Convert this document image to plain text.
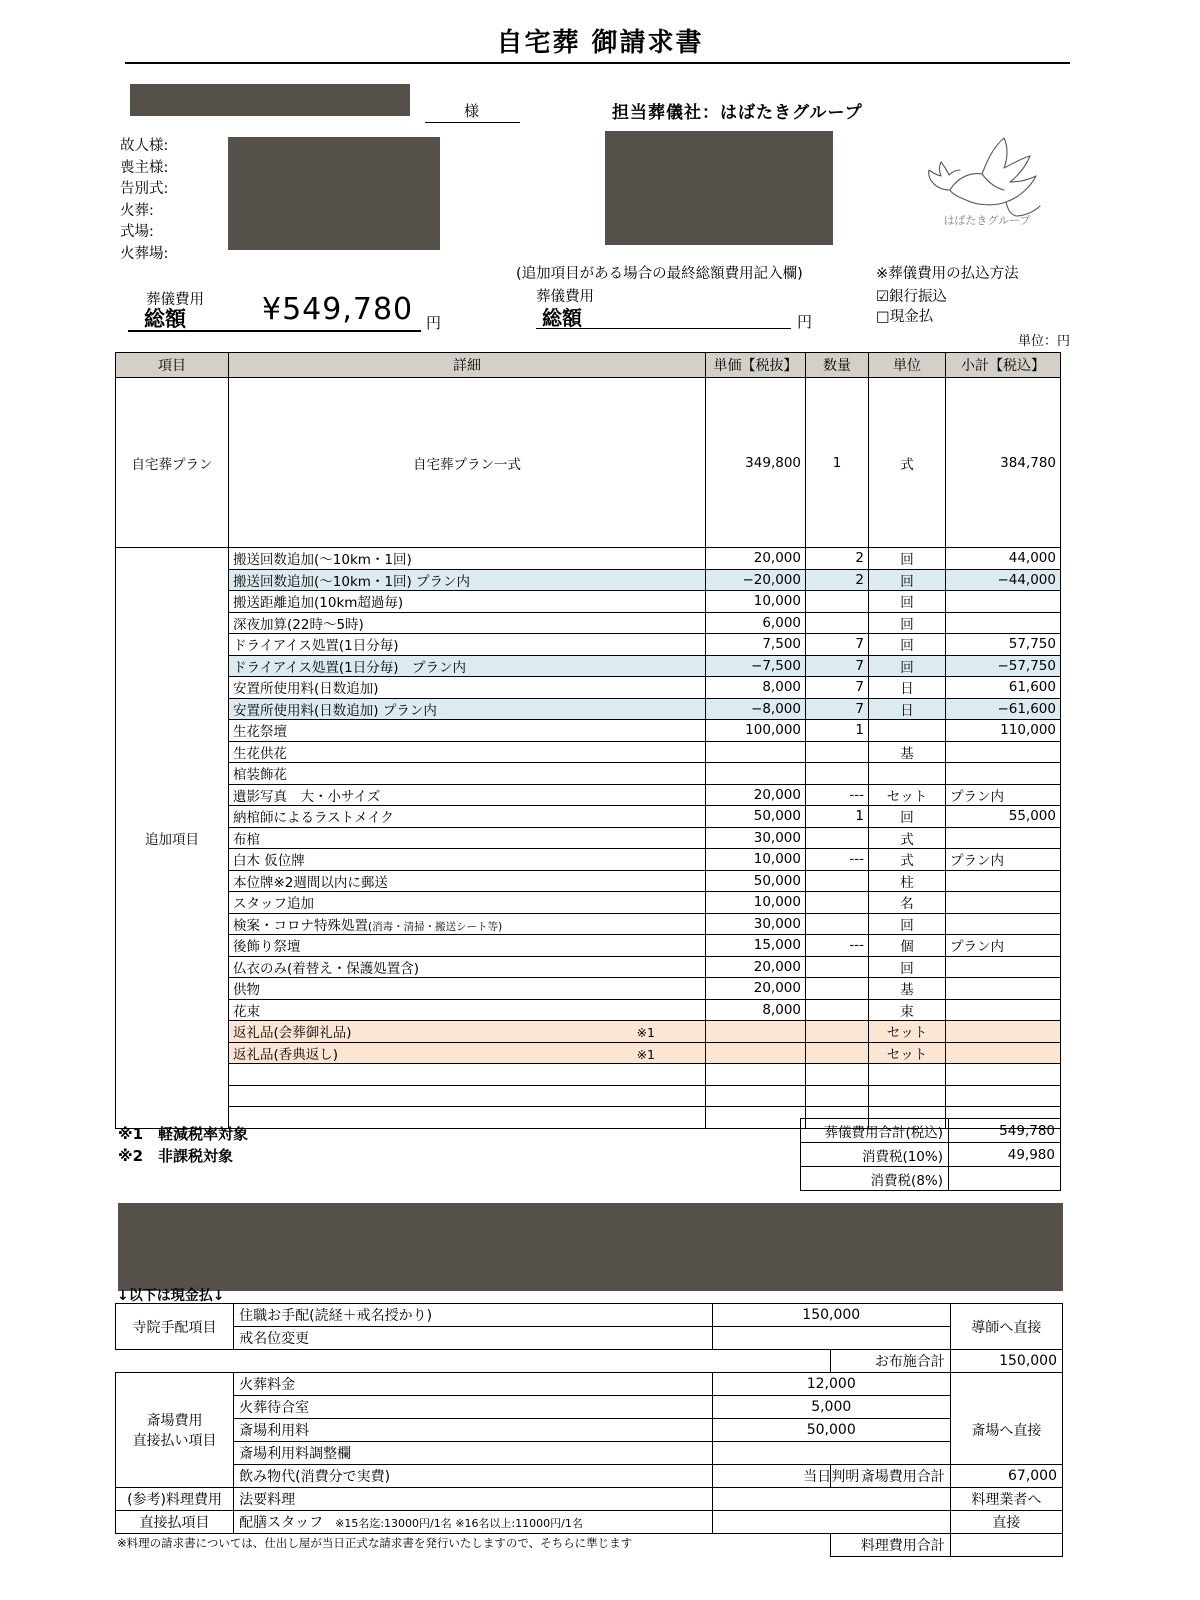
自宅葬 御請求書
様	担当葬儀社：はばたきグループ
はばたきグループ
故人様:
喪主様:
告別式:
火葬:
式場:
火葬場:
葬儀費用
総額	¥549,780 円
(追加項目がある場合の最終総額費用記入欄)
葬儀費用
総額	円
※葬儀費用の払込方法
☑銀行振込
□現金払
単位：円
項目	詳細	単価【税抜】	数量	単位	小計【税込】
自宅葬プラン	自宅葬プラン一式	349,800	1	式	384,780
追加項目	搬送回数追加(〜10km・1回)	20,000	2	回	44,000
	搬送回数追加(〜10km・1回) プラン内	−20,000	2	回	−44,000
	搬送距離追加(10km超過毎)	10,000		回	
	深夜加算(22時〜5時)	6,000		回	
	ドライアイス処置(1日分毎)	7,500	7	回	57,750
	ドライアイス処置(1日分毎)　プラン内	−7,500	7	回	−57,750
	安置所使用料(日数追加)	8,000	7	日	61,600
	安置所使用料(日数追加) プラン内	−8,000	7	日	−61,600
	生花祭壇	100,000	1		110,000
	生花供花			基	
	棺装飾花				
	遺影写真　大・小サイズ	20,000	---	セット	プラン内
	納棺師によるラストメイク	50,000	1	回	55,000
	布棺	30,000		式	
	白木 仮位牌	10,000	---	式	プラン内
	本位牌※2週間以内に郵送	50,000		柱	
	スタッフ追加	10,000		名	
	検案・コロナ特殊処置(消毒・清掃・搬送シート等)	30,000		回	
	後飾り祭壇	15,000	---	個	プラン内
	仏衣のみ(着替え・保護処置含)	20,000		回	
	供物	20,000		基	
	花束	8,000		束	

	返礼品(会葬御礼品) ※1			セット	

	返礼品(香典返し) ※1			セット	

※1　軽減税率対象
※2　非課税対象
葬儀費用合計(税込)	549,780
消費税(10%)	49,980
消費税(8%)	
↓以下は現金払↓
寺院手配項目	住職お手配(読経＋戒名授かり)	150,000	導師へ直接
	戒名位変更		
	お布施合計	150,000
斎場費用
直接払い項目	火葬料金	12,000	斎場へ直接
	火葬待合室	5,000	
	斎場利用料	50,000	
	斎場利用料調整欄		
	飲み物代(消費分で実費)	当日判明	
	斎場費用合計	67,000
(参考)料理費用	法要料理		料理業者へ
直接払項目	配膳スタッフ ※15名迄:13000円/1名 ※16名以上:11000円/1名		直接
	料理費用合計	
※料理の請求書については、仕出し屋が当日正式な請求書を発行いたしますので、そちらに準じます
